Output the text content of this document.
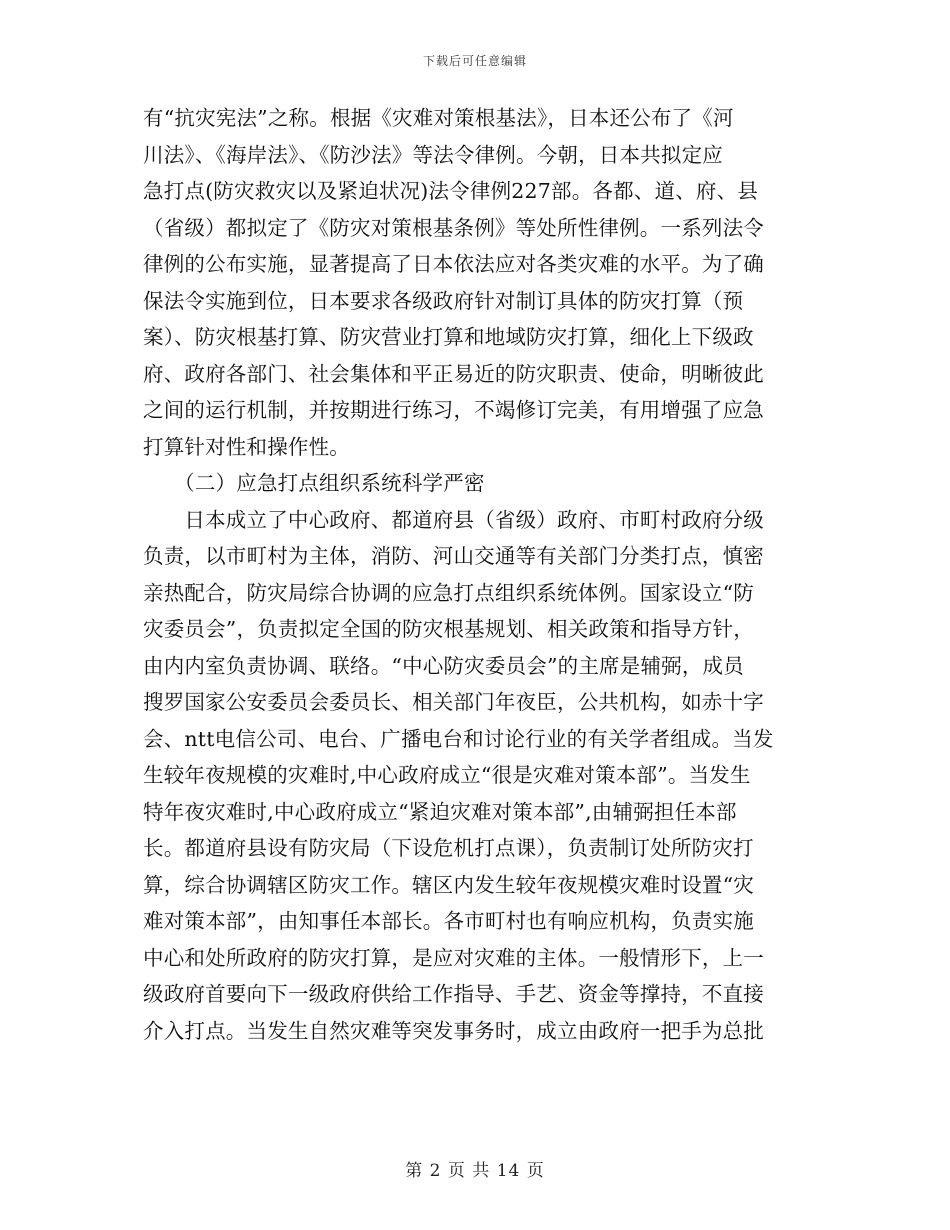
下载后可任意编辑
有“抗灾宪法”之称。根据《灾难对策根基法》，日本还公布了《河
川法》、《海岸法》、《防沙法》等法令律例。今朝，日本共拟定应
急打点(防灾救灾以及紧迫状况)法令律例227部。各都、道、府、县
（省级）都拟定了《防灾对策根基条例》等处所性律例。一系列法令
律例的公布实施，显著提高了日本依法应对各类灾难的水平。为了确
保法令实施到位，日本要求各级政府针对制订具体的防灾打算（预
案）、防灾根基打算、防灾营业打算和地域防灾打算，细化上下级政
府、政府各部门、社会集体和平正易近的防灾职责、使命，明晰彼此
之间的运行机制，并按期进行练习，不竭修订完美，有用增强了应急
打算针对性和操作性。
　　（二）应急打点组织系统科学严密
　　日本成立了中心政府、都道府县（省级）政府、市町村政府分级
负责，以市町村为主体，消防、河山交通等有关部门分类打点，慎密
亲热配合，防灾局综合协调的应急打点组织系统体例。国家设立“防
灾委员会”，负责拟定全国的防灾根基规划、相关政策和指导方针，
由内内室负责协调、联络。“中心防灾委员会”的主席是辅弼，成员
搜罗国家公安委员会委员长、相关部门年夜臣，公共机构，如赤十字
会、ntt电信公司、电台、广播电台和讨论行业的有关学者组成。当发
生较年夜规模的灾难时,中心政府成立“很是灾难对策本部”。当发生
特年夜灾难时,中心政府成立“紧迫灾难对策本部”,由辅弼担任本部
长。都道府县设有防灾局（下设危机打点课），负责制订处所防灾打
算，综合协调辖区防灾工作。辖区内发生较年夜规模灾难时设置“灾
难对策本部”，由知事任本部长。各市町村也有响应机构，负责实施
中心和处所政府的防灾打算，是应对灾难的主体。一般情形下，上一
级政府首要向下一级政府供给工作指导、手艺、资金等撑持，不直接
介入打点。当发生自然灾难等突发事务时，成立由政府一把手为总批
第 2 页 共 14 页
